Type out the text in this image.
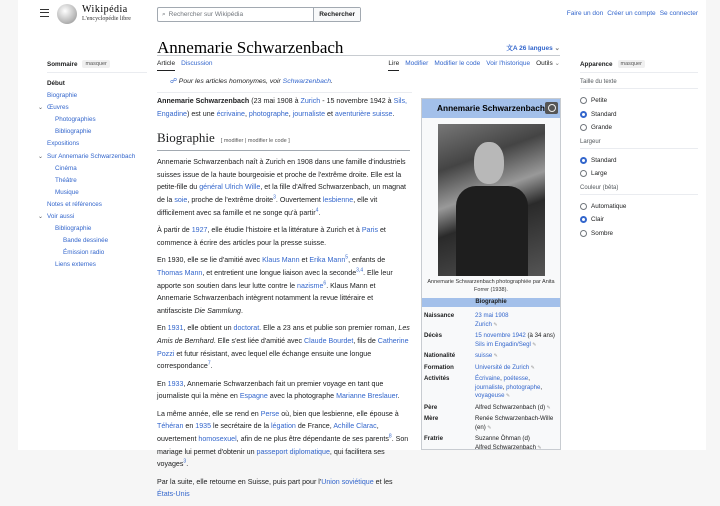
Wikipédia
L'encyclopédie libre
⌕ Rechercher sur Wikipédia	Rechercher	Faire un don Créer un compte Se connecter
Annemarie Schwarzenbach	文A 26 langues ⌄
Article Discussion	Lire Modifier Modifier le code Voir l'historique Outils ⌄
Sommaire	masquer
Début
Biographie
⌄ Œuvres
Photographies
Bibliographie
Expositions
⌄ Sur Annemarie Schwarzenbach
Cinéma
Théâtre
Musique
Notes et références
⌄ Voir aussi
Bibliographie
Bande dessinée
Émission radio
Liens externes
☍ Pour les articles homonymes, voir Schwarzenbach.

Annemarie Schwarzenbach (23 mai 1908 à Zurich - 15 novembre 1942 à Sils, Engadine) est une écrivaine, photographe, journaliste et aventurière suisse.

Biographie [ modifier | modifier le code ]

Annemarie Schwarzenbach naît à Zurich en 1908 dans une famille d'industriels suisses issue de la haute bourgeoisie et proche de l'extrême droite. Elle est la petite-fille du général Ulrich Wille, et la fille d'Alfred Schwarzenbach, un magnat de la soie, proche de l'extrême droite$^3$. Ouvertement lesbienne, elle vit difficilement avec sa famille et ne songe qu'à partir$^4$.

À partir de 1927, elle étudie l'histoire et la littérature à Zurich et à Paris et commence à écrire des articles pour la presse suisse.

En 1930, elle se lie d'amitié avec Klaus Mann et Erika Mann$^5$, enfants de Thomas Mann, et entretient une longue liaison avec la seconde$^{3,4}$. Elle leur apporte son soutien dans leur lutte contre le nazisme$^6$. Klaus Mann et Annemarie Schwarzenbach intègrent notamment la revue littéraire et antifasciste Die Sammlung.

En 1931, elle obtient un doctorat. Elle a 23 ans et publie son premier roman, Les Amis de Bernhard. Elle s'est liée d'amitié avec Claude Bourdet, fils de Catherine Pozzi et futur résistant, avec lequel elle échange ensuite une longue correspondance$^7$.

En 1933, Annemarie Schwarzenbach fait un premier voyage en tant que journaliste qui la mène en Espagne avec la photographe Marianne Breslauer.

La même année, elle se rend en Perse où, bien que lesbienne, elle épouse à Téhéran en 1935 le secrétaire de la légation de France, Achille Clarac, ouvertement homosexuel, afin de ne plus être dépendante de ses parents$^8$. Son mariage lui permet d'obtenir un passeport diplomatique, qui facilitera ses voyages$^3$.

Par la suite, elle retourne en Suisse, puis part pour l'Union soviétique et les États-Unis

Annemarie Schwarzenbach
Annemarie Schwarzenbach photographiée par Anita Forrer (1938).
Biographie
Naissance	23 mai 1908
Zurich ✎
Décès	15 novembre 1942 (à 34 ans)
Sils im Engadin/Segl ✎
Nationalité	suisse ✎
Formation	Université de Zurich ✎
Activités	Écrivaine, poétesse, journaliste, photographe, voyageuse ✎
Père	Alfred Schwarzenbach (d) ✎
Mère	Renée Schwarzenbach-Wille (en) ✎
Fratrie	Suzanne Öhman (d)
Alfred Schwarzenbach ✎
Apparence	masquer
Taille du texte
Petite
Standard
Grande
Largeur
Standard
Large
Couleur (bêta)
Automatique
Clair
Sombre
